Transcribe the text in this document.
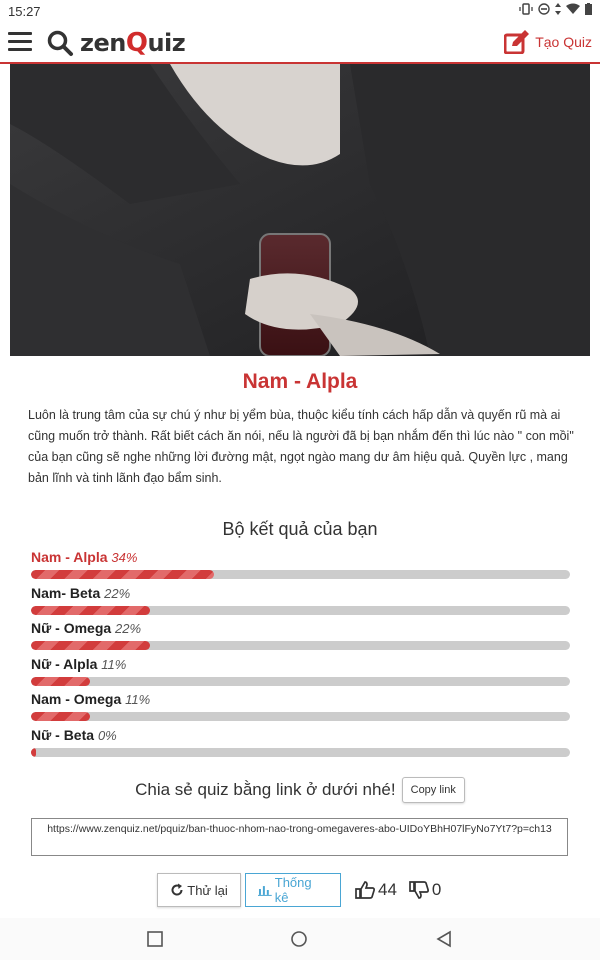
15:27
zen Q uiz	Tạo Quiz
Nam - Alpla
Luôn là trung tâm của sự chú ý như bị yểm bùa, thuộc kiểu tính cách hấp dẫn và quyến rũ mà ai cũng muốn trở thành. Rất biết cách ăn nói, nếu là người đã bị bạn nhắm đến thì lúc nào " con mồi" của bạn cũng sẽ nghe những lời đường mật, ngọt ngào mang dư âm hiệu quả. Quyền lực , mang bản lĩnh và tinh lãnh đạo bẩm sinh.
Bộ kết quả của bạn
Nam - Alpla 34%
Nam- Beta 22%
Nữ - Omega 22%
Nữ - Alpla 11%
Nam - Omega 11%
Nữ - Beta 0%
Chia sẻ quiz bằng link ở dưới nhé!	Copy link
https://www.zenquiz.net/pquiz/ban-thuoc-nhom-nao-trong-omegaveres-abo-UIDoYBhH07lFyNo7Yt7?p=ch13
Thử lại	Thống kê	44 0
